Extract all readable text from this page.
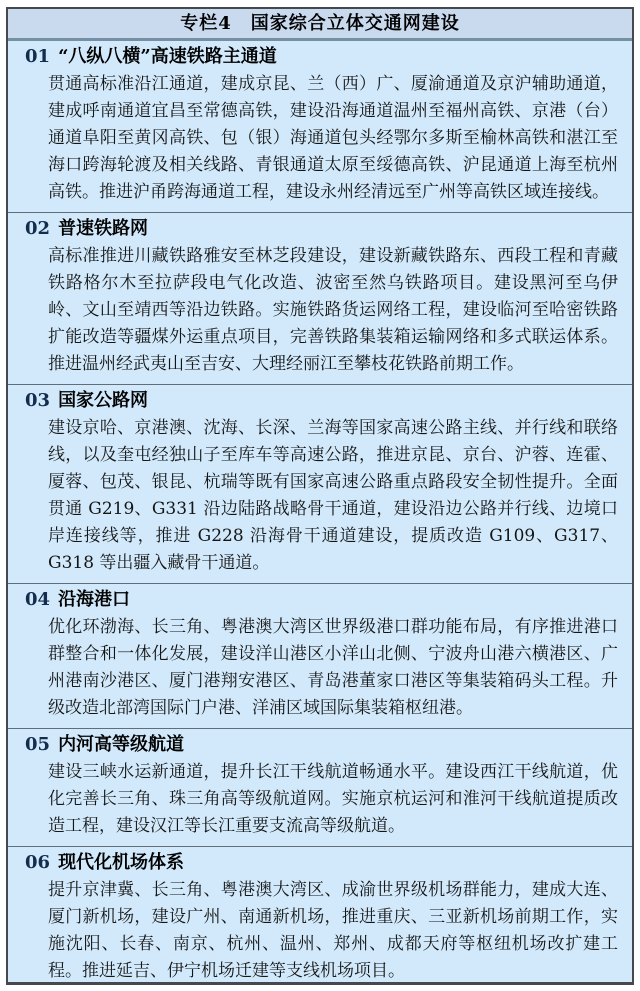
专栏4　国家综合立体交通网建设
01 “八纵八横”高速铁路主通道
贯通高标准沿江通道，建成京昆、兰（西）广、厦渝通道及京沪辅助通道，建成呼南通道宜昌至常德高铁，建设沿海通道温州至福州高铁、京港（台）通道阜阳至黄冈高铁、包（银）海通道包头经鄂尔多斯至榆林高铁和湛江至海口跨海轮渡及相关线路、青银通道太原至绥德高铁、沪昆通道上海至杭州高铁。推进沪甬跨海通道工程，建设永州经清远至广州等高铁区域连接线。
02 普速铁路网
高标准推进川藏铁路雅安至林芝段建设，建设新藏铁路东、西段工程和青藏铁路格尔木至拉萨段电气化改造、波密至然乌铁路项目。建设黑河至乌伊岭、文山至靖西等沿边铁路。实施铁路货运网络工程，建设临河至哈密铁路扩能改造等疆煤外运重点项目，完善铁路集装箱运输网络和多式联运体系。推进温州经武夷山至吉安、大理经丽江至攀枝花铁路前期工作。
03 国家公路网
建设京哈、京港澳、沈海、长深、兰海等国家高速公路主线、并行线和联络线，以及奎屯经独山子至库车等高速公路，推进京昆、京台、沪蓉、连霍、厦蓉、包茂、银昆、杭瑞等既有国家高速公路重点路段安全韧性提升。全面贯通 G219、G331 沿边陆路战略骨干通道，建设沿边公路并行线、边境口岸连接线等，推进 G228 沿海骨干通道建设，提质改造 G109、G317、G318 等出疆入藏骨干通道。
04 沿海港口
优化环渤海、长三角、粤港澳大湾区世界级港口群功能布局，有序推进港口群整合和一体化发展，建设洋山港区小洋山北侧、宁波舟山港六横港区、广州港南沙港区、厦门港翔安港区、青岛港董家口港区等集装箱码头工程。升级改造北部湾国际门户港、洋浦区域国际集装箱枢纽港。
05 内河高等级航道
建设三峡水运新通道，提升长江干线航道畅通水平。建设西江干线航道，优化完善长三角、珠三角高等级航道网。实施京杭运河和淮河干线航道提质改造工程，建设汉江等长江重要支流高等级航道。
06 现代化机场体系
提升京津冀、长三角、粤港澳大湾区、成渝世界级机场群能力，建成大连、厦门新机场，建设广州、南通新机场，推进重庆、三亚新机场前期工作，实施沈阳、长春、南京、杭州、温州、郑州、成都天府等枢纽机场改扩建工程。推进延吉、伊宁机场迁建等支线机场项目。
